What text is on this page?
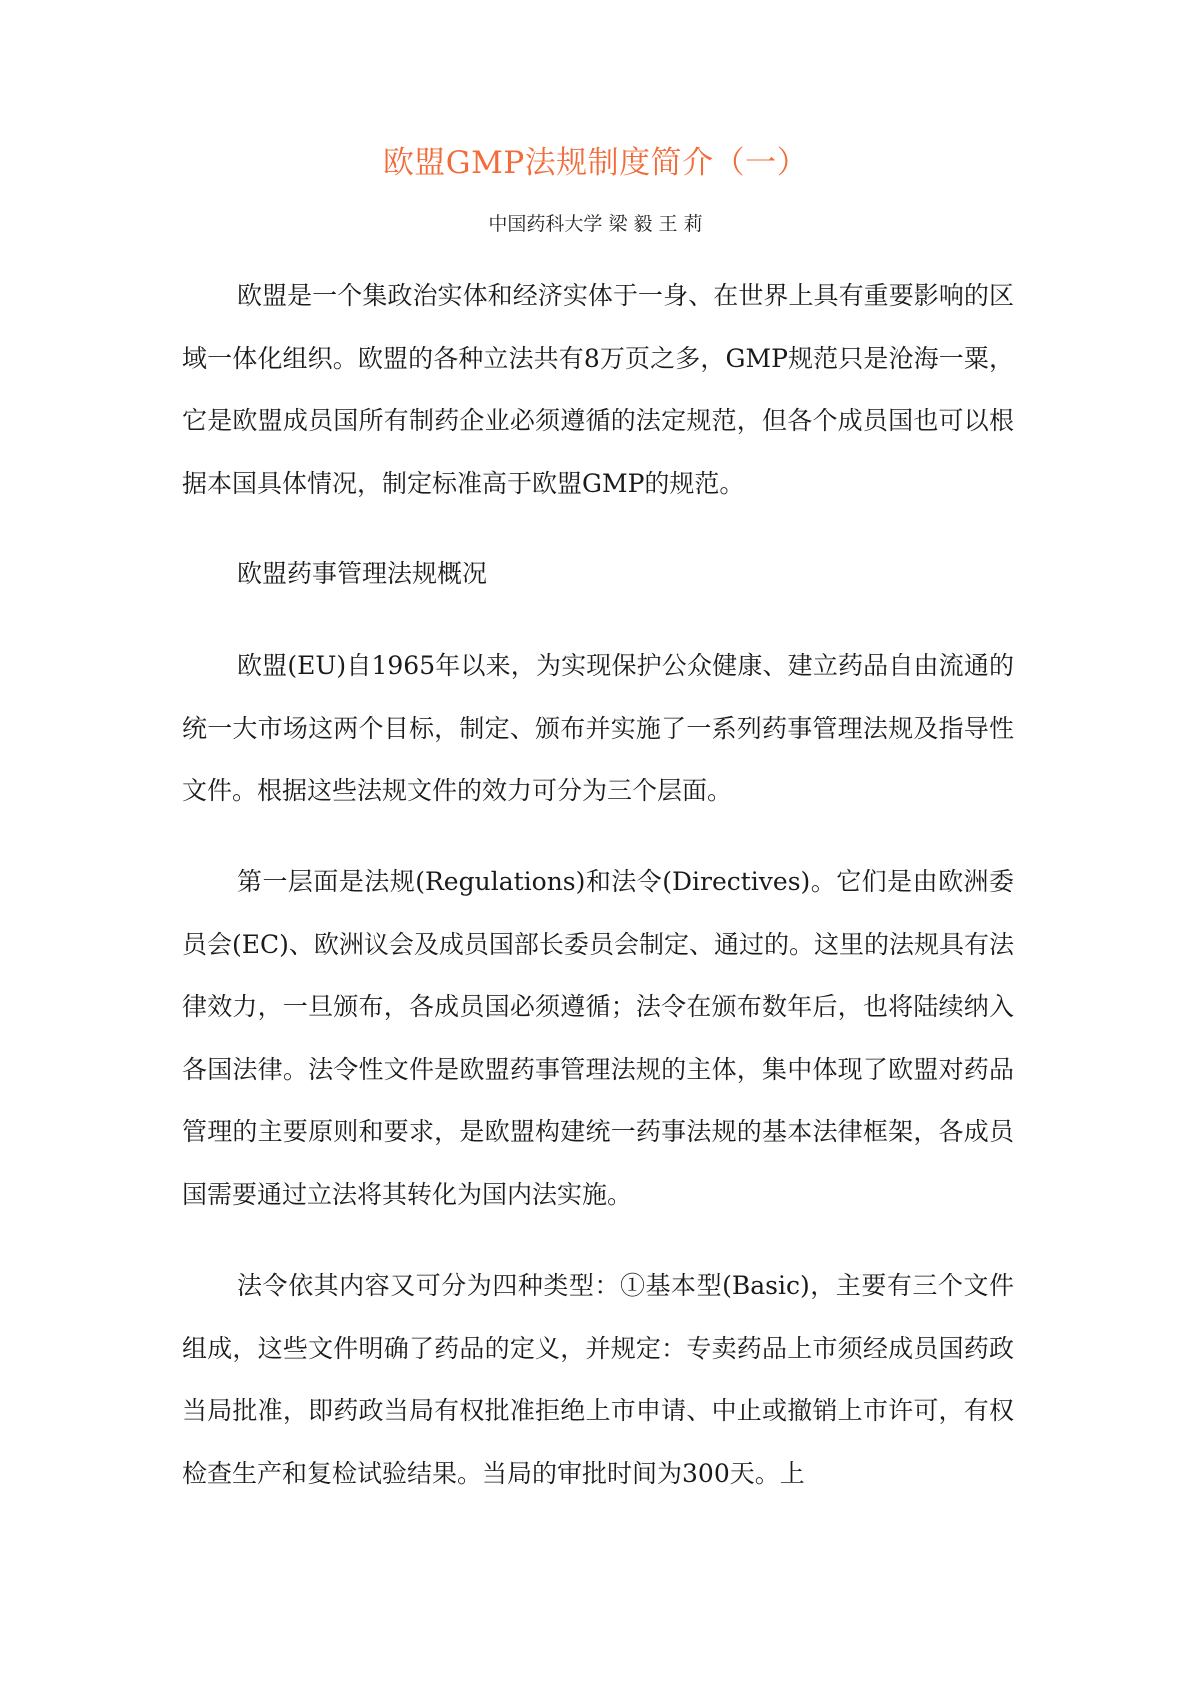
欧盟GMP法规制度简介（一）
中国药科大学 梁 毅 王 莉

欧盟是一个集政治实体和经济实体于一身、在世界上具有重要影响的区域一体化组织。欧盟的各种立法共有8万页之多，GMP规范只是沧海一粟，它是欧盟成员国所有制药企业必须遵循的法定规范，但各个成员国也可以根据本国具体情况，制定标准高于欧盟GMP的规范。

欧盟药事管理法规概况

欧盟(EU)自1965年以来，为实现保护公众健康、建立药品自由流通的统一大市场这两个目标，制定、颁布并实施了一系列药事管理法规及指导性文件。根据这些法规文件的效力可分为三个层面。

第一层面是法规(Regulations)和法令(Directives)。它们是由欧洲委员会(EC)、欧洲议会及成员国部长委员会制定、通过的。这里的法规具有法律效力，一旦颁布，各成员国必须遵循；法令在颁布数年后，也将陆续纳入各国法律。法令性文件是欧盟药事管理法规的主体，集中体现了欧盟对药品管理的主要原则和要求，是欧盟构建统一药事法规的基本法律框架，各成员国需要通过立法将其转化为国内法实施。

法令依其内容又可分为四种类型：①基本型(Basic)，主要有三个文件组成，这些文件明确了药品的定义，并规定：专卖药品上市须经成员国药政当局批准，即药政当局有权批准拒绝上市申请、中止或撤销上市许可，有权检查生产和复检试验结果。当局的审批时间为300天。上
